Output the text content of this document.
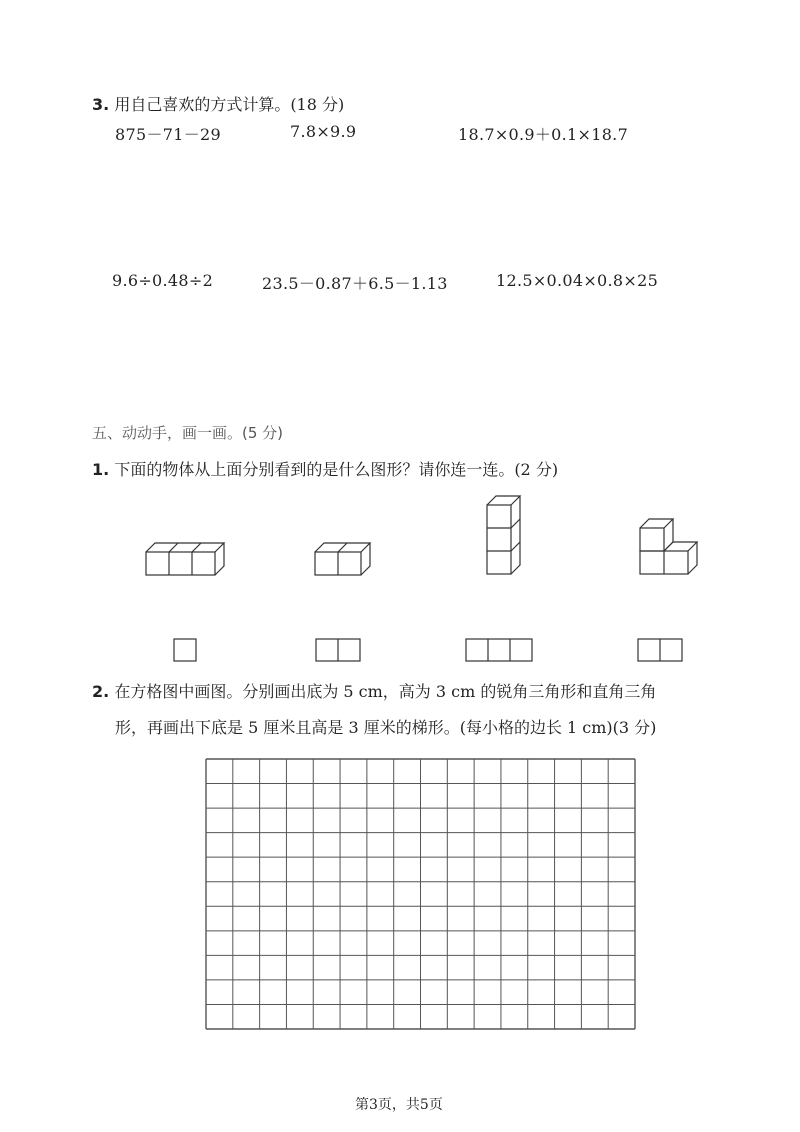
3. 用自己喜欢的方式计算。(18 分)
875－71－29	7.8×9.9	18.7×0.9＋0.1×18.7
9.6÷0.48÷2	23.5－0.87＋6.5－1.13	12.5×0.04×0.8×25
五、动动手，画一画。(5 分)
1. 下面的物体从上面分别看到的是什么图形？请你连一连。(2 分)
2. 在方格图中画图。分别画出底为 5 cm，高为 3 cm 的锐角三角形和直角三角
形，再画出下底是 5 厘米且高是 3 厘米的梯形。(每小格的边长 1 cm)(3 分)
第3页，共5页
